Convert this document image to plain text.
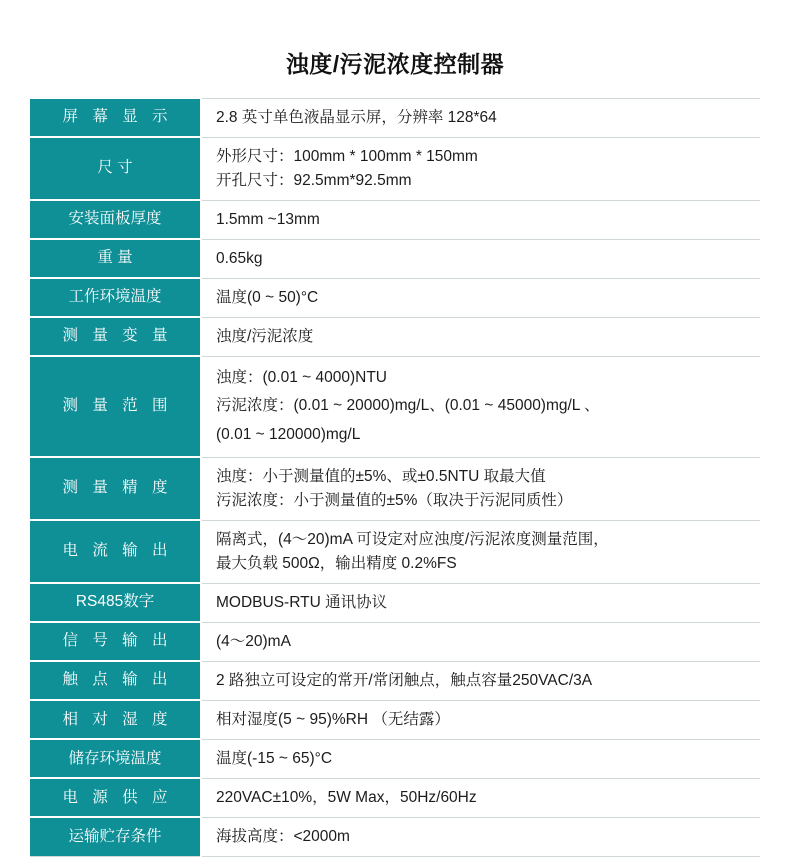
浊度/污泥浓度控制器
屏 幕 显 示	2.8 英寸单色液晶显示屏，分辨率 128*64

尺 寸	外形尺寸：100mm * 100mm * 150mm
开孔尺寸：92.5mm*92.5mm

安装面板厚度	1.5mm ~13mm

重 量	0.65kg

工作环境温度	温度(0 ~ 50)°C

测 量 变 量	浊度/污泥浓度

测 量 范 围	浊度：(0.01 ~ 4000)NTU
污泥浓度：(0.01 ~ 20000)mg/L、(0.01 ~ 45000)mg/L 、
(0.01 ~ 120000)mg/L

测 量 精 度	浊度：小于测量值的±5%、或±0.5NTU 取最大值
污泥浓度：小于测量值的±5%（取决于污泥同质性）

电 流 输 出	隔离式，(4～20)mA 可设定对应浊度/污泥浓度测量范围，
最大负载 500Ω，输出精度 0.2%FS

RS485数字	MODBUS-RTU 通讯协议

信 号 输 出	(4～20)mA

触 点 输 出	2 路独立可设定的常开/常闭触点，触点容量250VAC/3A

相 对 湿 度	相对湿度(5 ~ 95)%RH （无结露）

储存环境温度	温度(-15 ~ 65)°C

电 源 供 应	220VAC±10%，5W Max，50Hz/60Hz

运输贮存条件	海拔高度：<2000m
